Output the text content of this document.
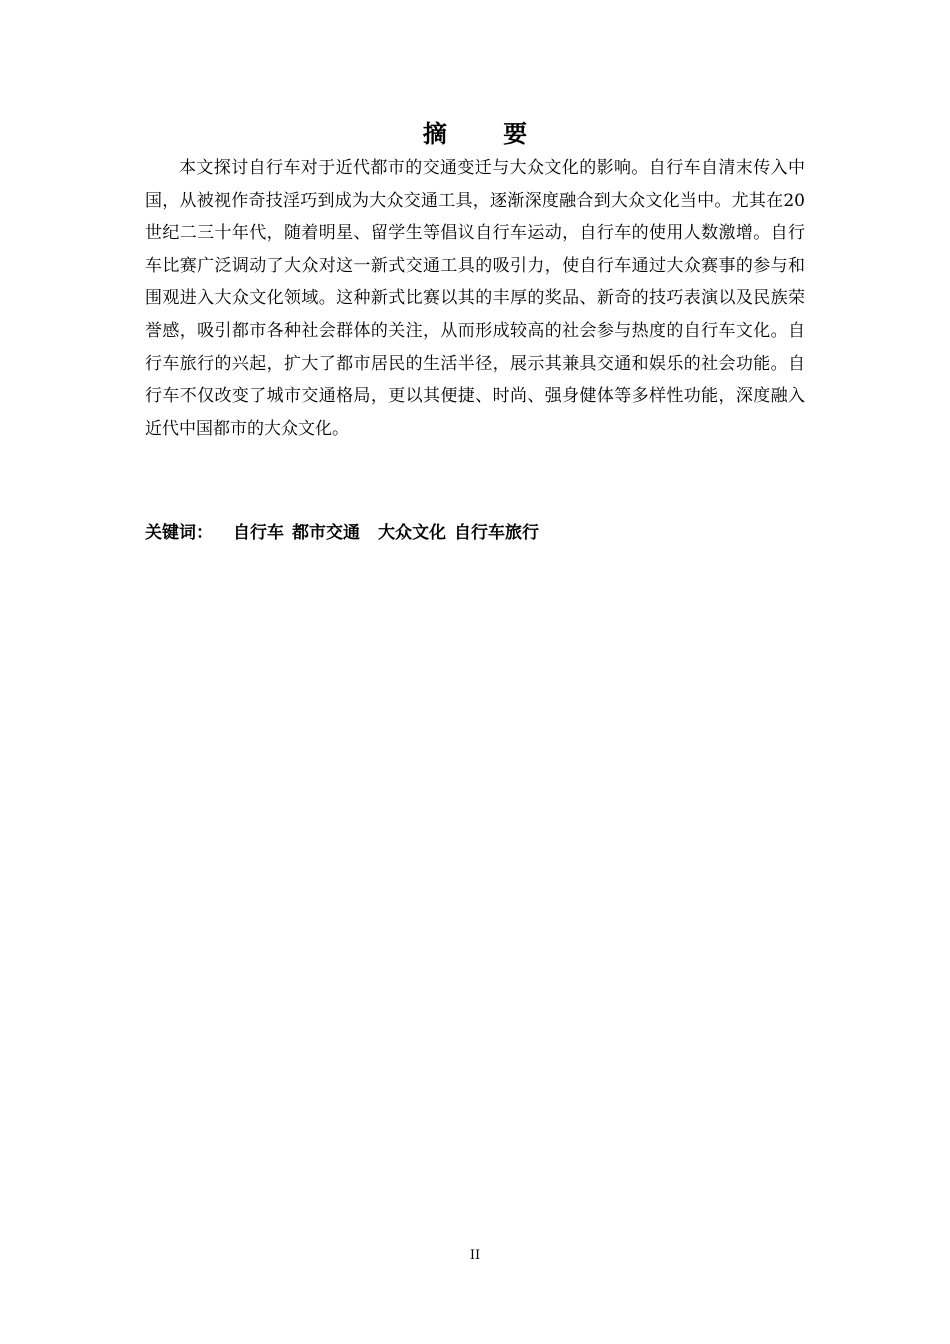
摘 要

本文探讨自行车对于近代都市的交通变迁与大众文化的影响。自行车自清末传入中国，从被视作奇技淫巧到成为大众交通工具，逐渐深度融合到大众文化当中。尤其在20世纪二三十年代，随着明星、留学生等倡议自行车运动，自行车的使用人数激增。自行车比赛广泛调动了大众对这一新式交通工具的吸引力，使自行车通过大众赛事的参与和围观进入大众文化领域。这种新式比赛以其的丰厚的奖品、新奇的技巧表演以及民族荣誉感，吸引都市各种社会群体的关注，从而形成较高的社会参与热度的自行车文化。自行车旅行的兴起，扩大了都市居民的生活半径，展示其兼具交通和娱乐的社会功能。自行车不仅改变了城市交通格局，更以其便捷、时尚、强身健体等多样性功能，深度融入近代中国都市的大众文化。

关键词： 自行车 都市交通 大众文化 自行车旅行
II
